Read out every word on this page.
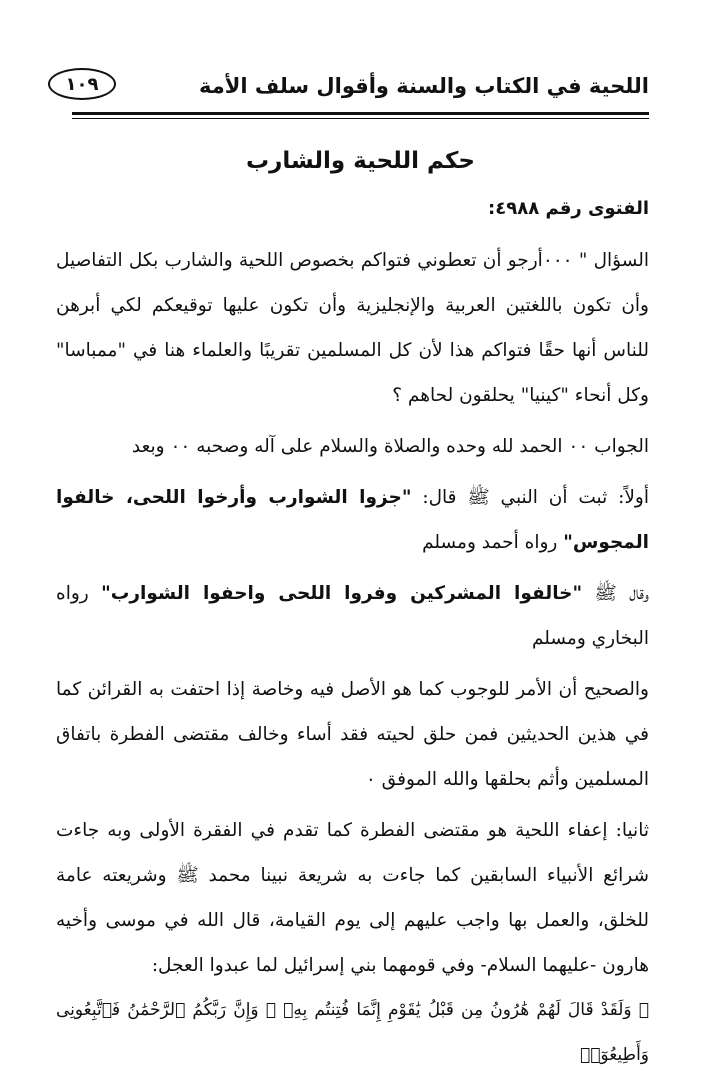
اللحية في الكتاب والسنة وأقوال سلف الأمة
١٠٩
حكم اللحية والشارب
الفتوى رقم ٤٩٨٨:

السؤال " ٠٠٠أرجو أن تعطوني فتواكم بخصوص اللحية والشارب بكل التفاصيل وأن تكون باللغتين العربية والإنجليزية وأن تكون عليها توقيعكم لكي أبرهن للناس أنها حقًا فتواكم هذا لأن كل المسلمين تقريبًا والعلماء هنا في "ممباسا" وكل أنحاء "كينيا" يحلقون لحاهم ؟

الجواب ٠٠ الحمد لله وحده والصلاة والسلام على آله وصحبه ٠٠ وبعد

أولاً: ثبت أن النبي ﷺ قال: "جزوا الشوارب وأرخوا اللحى، خالفوا المجوس" رواه أحمد ومسلم

وقال ﷺ "خالفوا المشركين وفروا اللحى واحفوا الشوارب" رواه البخاري ومسلم

والصحيح أن الأمر للوجوب كما هو الأصل فيه وخاصة إذا احتفت به القرائن كما في هذين الحديثين فمن حلق لحيته فقد أساء وخالف مقتضى الفطرة باتفاق المسلمين وأثم بحلقها والله الموفق ٠

ثانيا: إعفاء اللحية هو مقتضى الفطرة كما تقدم في الفقرة الأولى وبه جاءت شرائع الأنبياء السابقين كما جاءت به شريعة نبينا محمد ﷺ وشريعته عامة للخلق، والعمل بها واجب عليهم إلى يوم القيامة، قال الله في موسى وأخيه هارون -عليهما السلام- وفي قومهما بني إسرائيل لما عبدوا العجل:

﴿ وَلَقَدْ قَالَ لَهُمْ هَٰرُونُ مِن قَبْلُ يَٰقَوْمِ إِنَّمَا فُتِنتُم بِهِۦ ۖ وَإِنَّ رَبَّكُمُ ٱلرَّحْمَٰنُ فَٱتَّبِعُونِى وَأَطِيعُوٓا۟
